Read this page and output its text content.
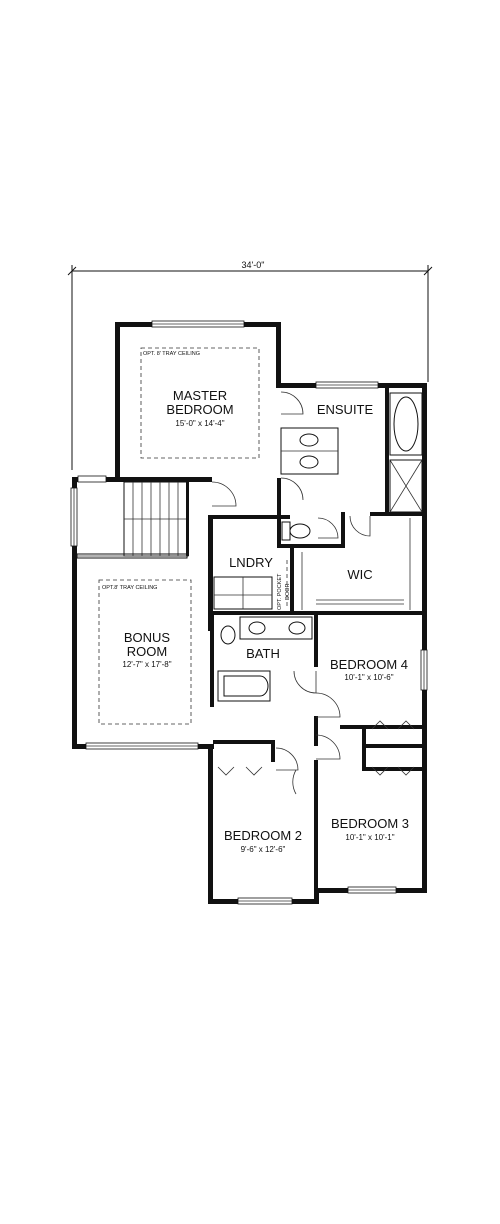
34'-0"
OPT. 8' TRAY CEILING
MASTER
BEDROOM
15'-0" x 14'-4"
ENSUITE
LNDRY
OPT. POCKET DOOR
WIC
OPT.8' TRAY CEILING
BONUS
ROOM
12'-7" x 17'-8"
BATH
BEDROOM 4
10'-1" x 10'-6"
BEDROOM 3
10'-1" x 10'-1"
BEDROOM 2
9'-6" x 12'-6"
